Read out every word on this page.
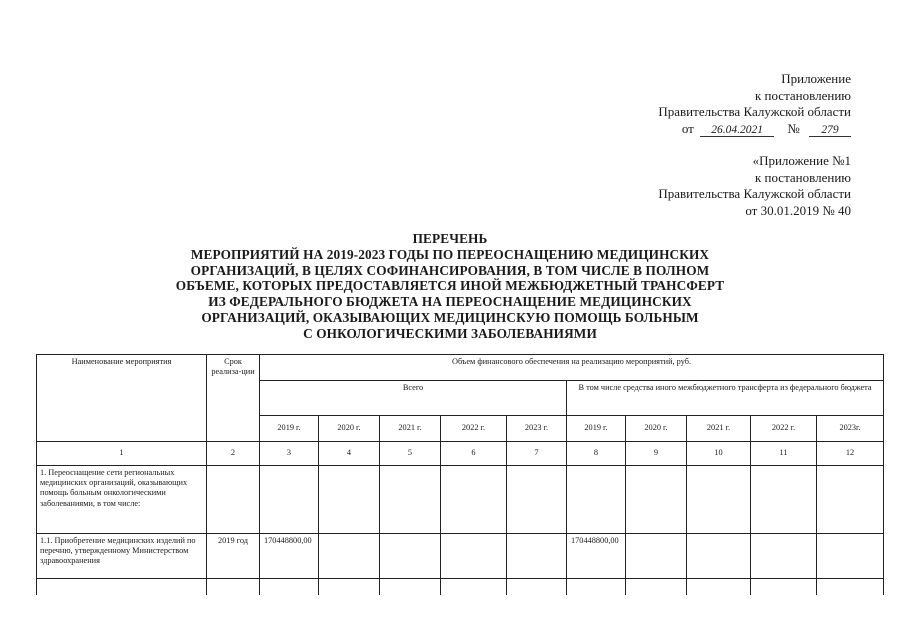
Приложение
к постановлению
Правительства Калужской области
от 26.04.2021 № 279
«Приложение №1
к постановлению
Правительства Калужской области
от 30.01.2019 № 40
ПЕРЕЧЕНЬ
МЕРОПРИЯТИЙ НА 2019-2023 ГОДЫ ПО ПЕРЕОСНАЩЕНИЮ МЕДИЦИНСКИХ
ОРГАНИЗАЦИЙ, В ЦЕЛЯХ СОФИНАНСИРОВАНИЯ, В ТОМ ЧИСЛЕ В ПОЛНОМ
ОБЪЕМЕ, КОТОРЫХ ПРЕДОСТАВЛЯЕТСЯ ИНОЙ МЕЖБЮДЖЕТНЫЙ ТРАНСФЕРТ
ИЗ ФЕДЕРАЛЬНОГО БЮДЖЕТА НА ПЕРЕОСНАЩЕНИЕ МЕДИЦИНСКИХ
ОРГАНИЗАЦИЙ, ОКАЗЫВАЮЩИХ МЕДИЦИНСКУЮ ПОМОЩЬ БОЛЬНЫМ
С ОНКОЛОГИЧЕСКИМИ ЗАБОЛЕВАНИЯМИ
Наименование мероприятия	Срок реализа-ции	Объем финансового обеспечения на реализацию мероприятий, руб.									
		Всего					В том числе средства иного межбюджетного трансферта из федерального бюджета				
		2019 г.	2020 г.	2021 г.	2022 г.	2023 г.	2019 г.	2020 г.	2021 г.	2022 г.	2023г.
1	2	3	4	5	6	7	8	9	10	11	12
1. Переоснащение сети региональных медицинских организаций, оказывающих помощь больным онкологическими заболеваниями, в том числе:											
1.1. Приобретение медицинских изделий по перечню, утвержденному Министерством здравоохранения	2019 год	170448800,00					170448800,00				
